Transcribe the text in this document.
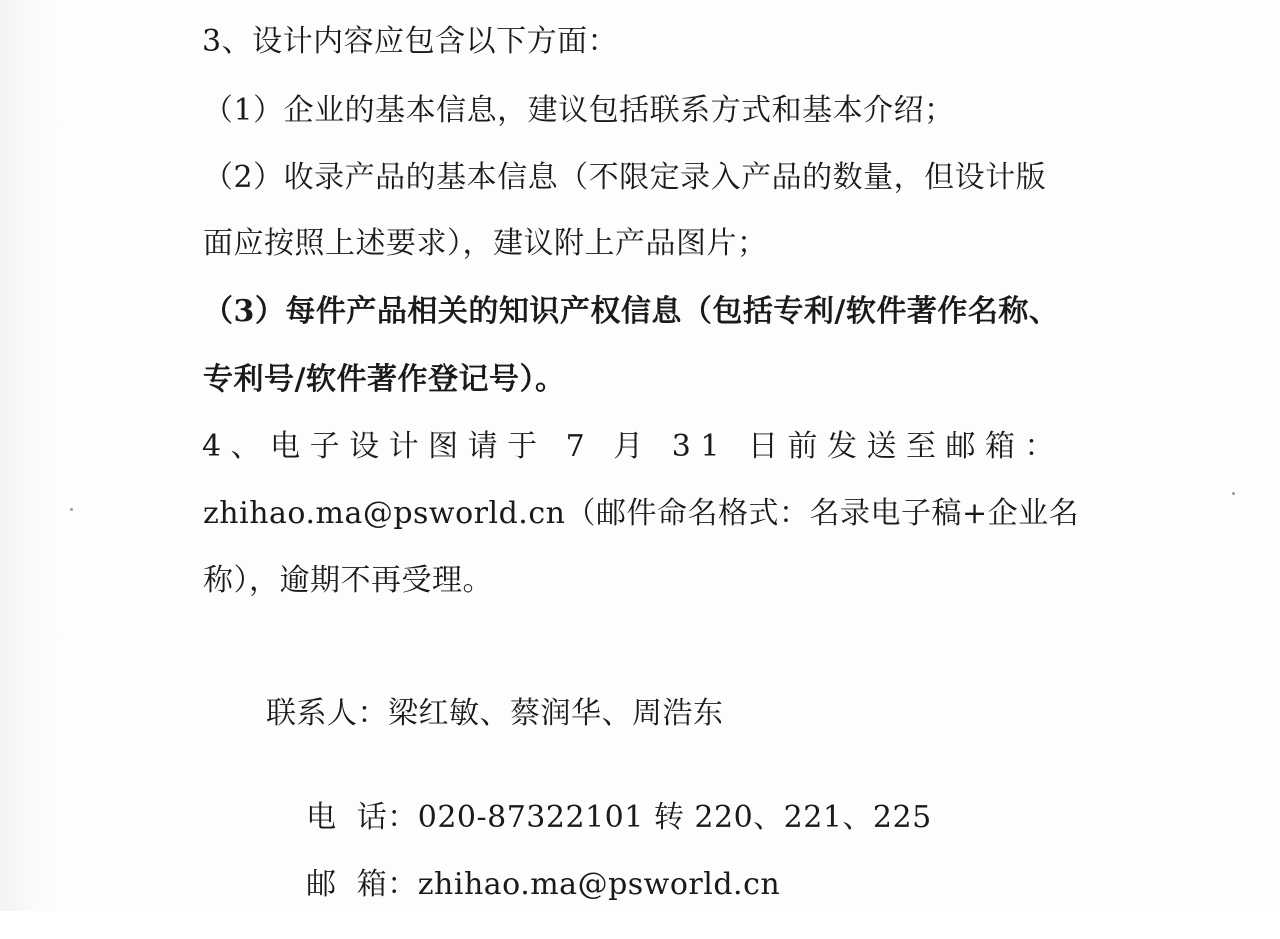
3、设计内容应包含以下方面：
（1）企业的基本信息，建议包括联系方式和基本介绍；
（2）收录产品的基本信息（不限定录入产品的数量，但设计版
面应按照上述要求），建议附上产品图片；
（3）每件产品相关的知识产权信息（包括专利/软件著作名称、
专利号/软件著作登记号）。
4、电子设计图请于 7 月 31 日前发送至邮箱：
zhihao.ma@psworld.cn（邮件命名格式：名录电子稿+企业名
称），逾期不再受理。
联系人：梁红敏、蔡润华、周浩东

电  话：020-87322101 转 220、221、225

邮  箱：zhihao.ma@psworld.cn
